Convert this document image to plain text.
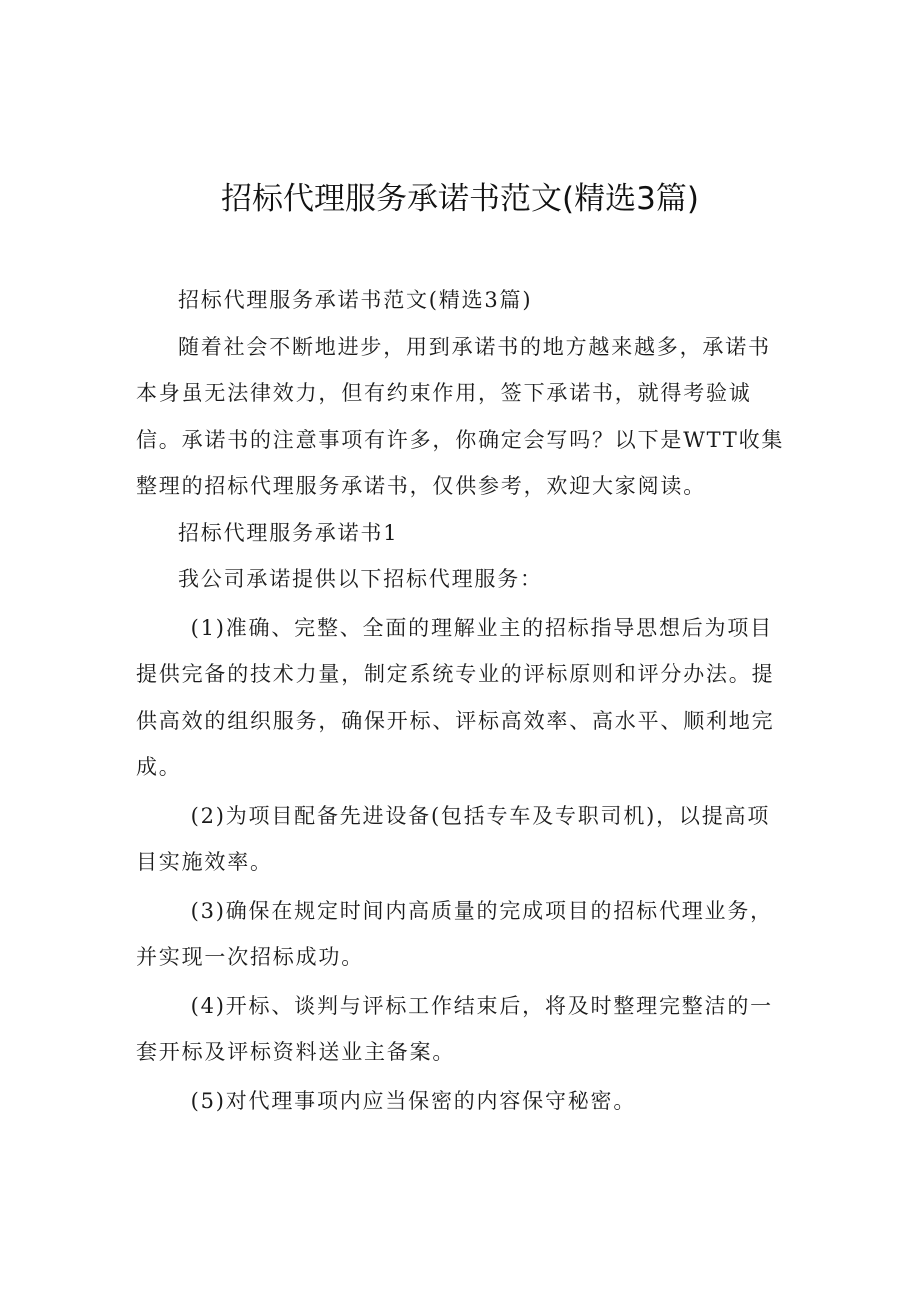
招标代理服务承诺书范文(精选3篇)

招标代理服务承诺书范文(精选3篇)

随着社会不断地进步，用到承诺书的地方越来越多，承诺书本身虽无法律效力，但有约束作用，签下承诺书，就得考验诚信。承诺书的注意事项有许多，你确定会写吗？以下是WTT收集整理的招标代理服务承诺书，仅供参考，欢迎大家阅读。

招标代理服务承诺书1

我公司承诺提供以下招标代理服务：

(1)准确、完整、全面的理解业主的招标指导思想后为项目提供完备的技术力量，制定系统专业的评标原则和评分办法。提供高效的组织服务，确保开标、评标高效率、高水平、顺利地完成。

(2)为项目配备先进设备(包括专车及专职司机)，以提高项目实施效率。

(3)确保在规定时间内高质量的完成项目的招标代理业务，并实现一次招标成功。

(4)开标、谈判与评标工作结束后，将及时整理完整洁的一套开标及评标资料送业主备案。

(5)对代理事项内应当保密的内容保守秘密。
